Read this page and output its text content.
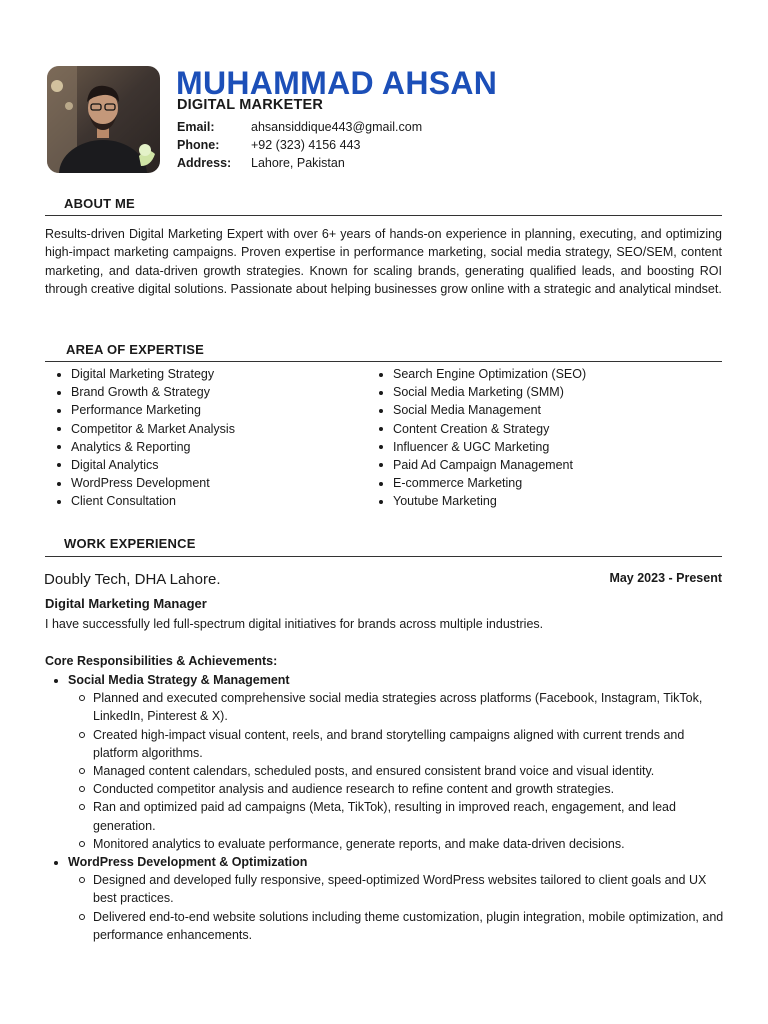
MUHAMMAD AHSAN
DIGITAL MARKETER
Email:	ahsansiddique443@gmail.com
Phone:	+92 (323) 4156 443
Address: Lahore, Pakistan
ABOUT ME

Results-driven Digital Marketing Expert with over 6+ years of hands-on experience in planning, executing, and optimizing high-impact marketing campaigns. Proven expertise in performance marketing, social media strategy, SEO/SEM, content marketing, and data-driven growth strategies. Known for scaling brands, generating qualified leads, and boosting ROI through creative digital solutions. Passionate about helping businesses grow online with a strategic and analytical mindset.

AREA OF EXPERTISE
Digital Marketing Strategy
Brand Growth & Strategy
Performance Marketing
Competitor & Market Analysis
Analytics & Reporting
Digital Analytics
WordPress Development
Client Consultation
Search Engine Optimization (SEO)
Social Media Marketing (SMM)
Social Media Management
Content Creation & Strategy
Influencer & UGC Marketing
Paid Ad Campaign Management
E-commerce Marketing
Youtube Marketing
WORK EXPERIENCE
Doubly Tech, DHA Lahore.	May 2023 - Present
Digital Marketing Manager
I have successfully led full-spectrum digital initiatives for brands across multiple industries.
Core Responsibilities & Achievements:
Social Media Strategy & Management
Planned and executed comprehensive social media strategies across platforms (Facebook, Instagram, TikTok, LinkedIn, Pinterest & X).
Created high-impact visual content, reels, and brand storytelling campaigns aligned with current trends and platform algorithms.
Managed content calendars, scheduled posts, and ensured consistent brand voice and visual identity.
Conducted competitor analysis and audience research to refine content and growth strategies.
Ran and optimized paid ad campaigns (Meta, TikTok), resulting in improved reach, engagement, and lead generation.
Monitored analytics to evaluate performance, generate reports, and make data-driven decisions.
WordPress Development & Optimization
Designed and developed fully responsive, speed-optimized WordPress websites tailored to client goals and UX best practices.
Delivered end-to-end website solutions including theme customization, plugin integration, mobile optimization, and performance enhancements.
